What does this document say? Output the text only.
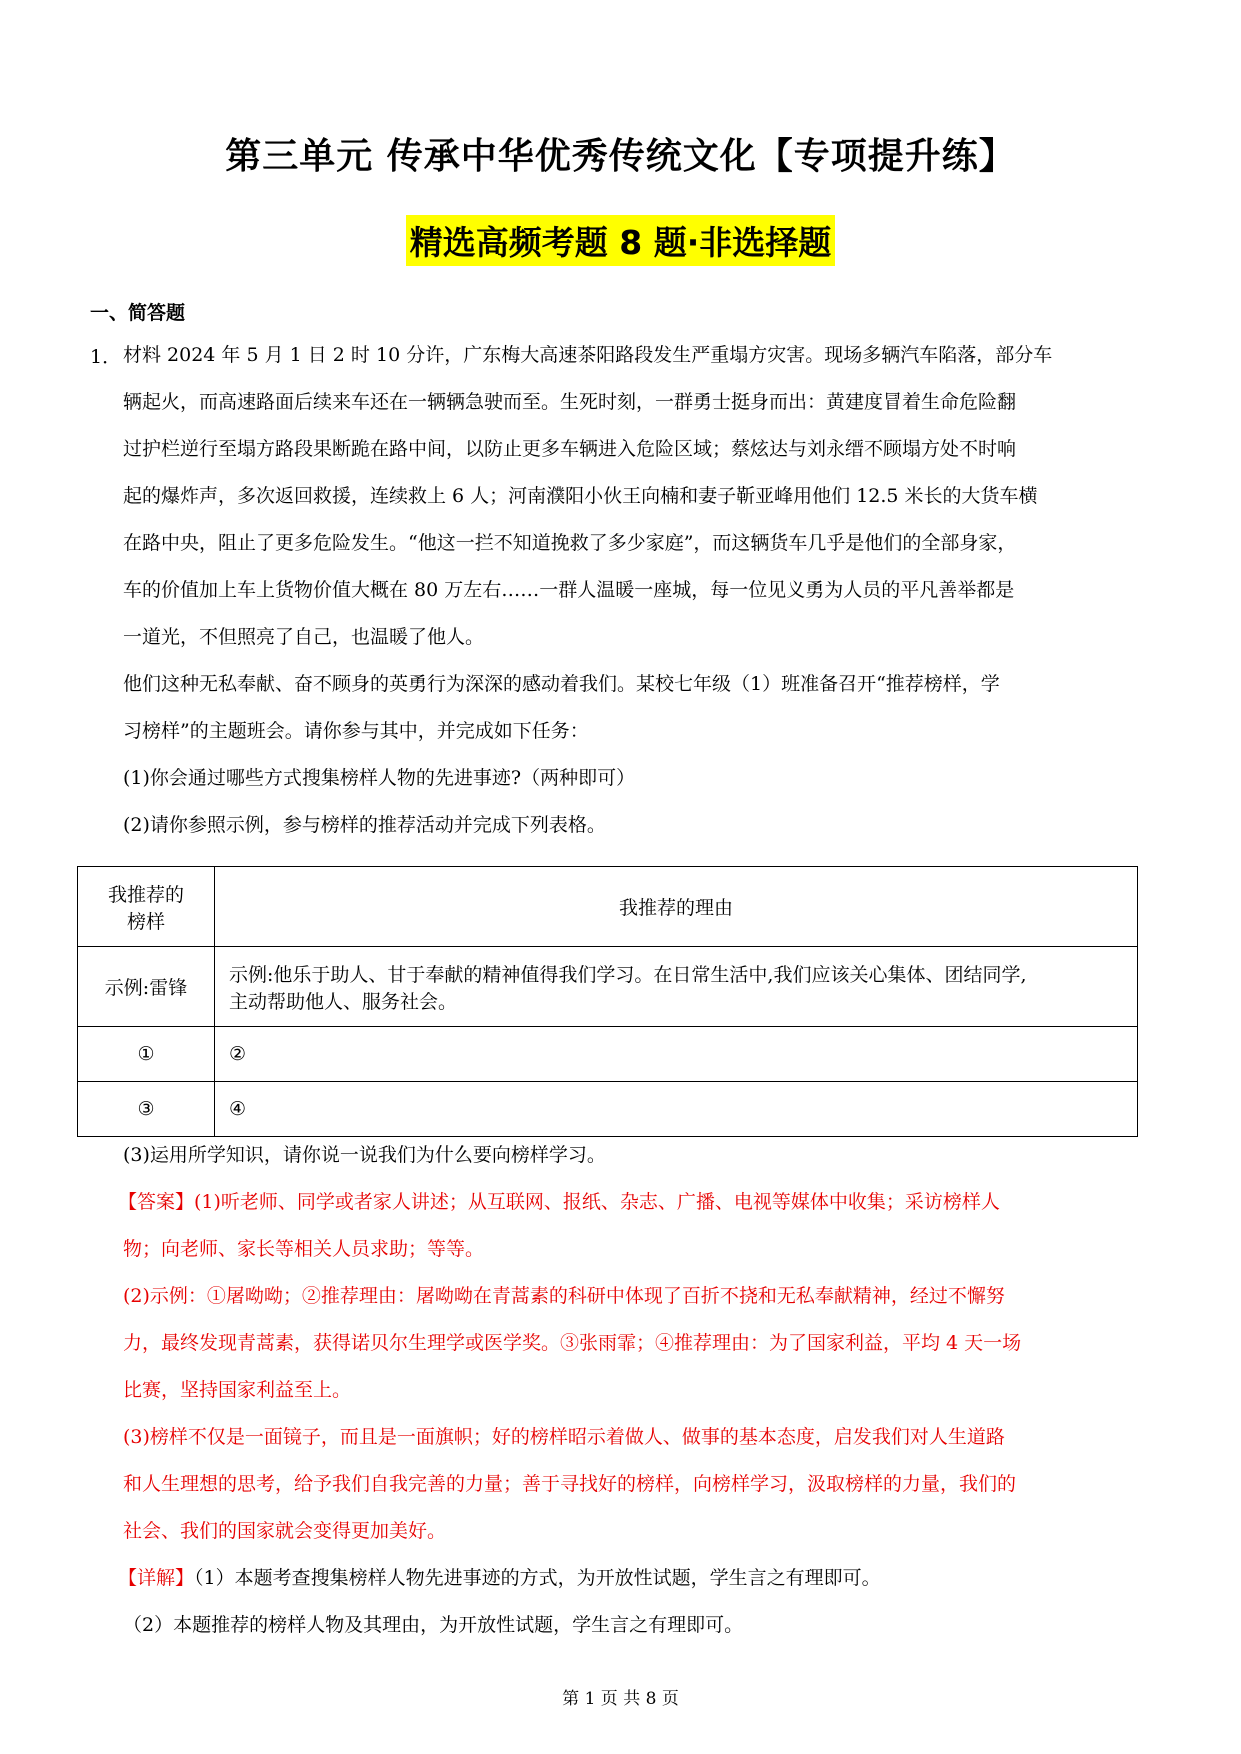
第三单元 传承中华优秀传统文化【专项提升练】
精选高频考题 8 题·非选择题
一、简答题
1． 材料 2024 年 5 月 1 日 2 时 10 分许，广东梅大高速茶阳路段发生严重塌方灾害。现场多辆汽车陷落，部分车
辆起火，而高速路面后续来车还在一辆辆急驶而至。生死时刻，一群勇士挺身而出：黄建度冒着生命危险翻
过护栏逆行至塌方路段果断跪在路中间，以防止更多车辆进入危险区域；蔡炫达与刘永缙不顾塌方处不时响
起的爆炸声，多次返回救援，连续救上 6 人；河南濮阳小伙王向楠和妻子靳亚峰用他们 12.5 米长的大货车横
在路中央，阻止了更多危险发生。“他这一拦不知道挽救了多少家庭”，而这辆货车几乎是他们的全部身家，
车的价值加上车上货物价值大概在 80 万左右……一群人温暖一座城，每一位见义勇为人员的平凡善举都是
一道光，不但照亮了自己，也温暖了他人。
他们这种无私奉献、奋不顾身的英勇行为深深的感动着我们。某校七年级（1）班准备召开“推荐榜样，学
习榜样”的主题班会。请你参与其中，并完成如下任务：
(1)你会通过哪些方式搜集榜样人物的先进事迹?（两种即可）
(2)请你参照示例，参与榜样的推荐活动并完成下列表格。
我推荐的
榜样	我推荐的理由
示例:雷锋	示例:他乐于助人、甘于奉献的精神值得我们学习。在日常生活中,我们应该关心集体、团结同学,
主动帮助他人、服务社会。

①	②
③	④
(3)运用所学知识，请你说一说我们为什么要向榜样学习。
【答案】(1)听老师、同学或者家人讲述；从互联网、报纸、杂志、广播、电视等媒体中收集；采访榜样人
物；向老师、家长等相关人员求助；等等。
(2)示例：①屠呦呦；②推荐理由：屠呦呦在青蒿素的科研中体现了百折不挠和无私奉献精神，经过不懈努
力，最终发现青蒿素，获得诺贝尔生理学或医学奖。③张雨霏；④推荐理由：为了国家利益，平均 4 天一场
比赛，坚持国家利益至上。
(3)榜样不仅是一面镜子，而且是一面旗帜；好的榜样昭示着做人、做事的基本态度，启发我们对人生道路
和人生理想的思考，给予我们自我完善的力量；善于寻找好的榜样，向榜样学习，汲取榜样的力量，我们的
社会、我们的国家就会变得更加美好。
【详解】（1）本题考查搜集榜样人物先进事迹的方式，为开放性试题，学生言之有理即可。
（2）本题推荐的榜样人物及其理由，为开放性试题，学生言之有理即可。
第 1 页 共 8 页
